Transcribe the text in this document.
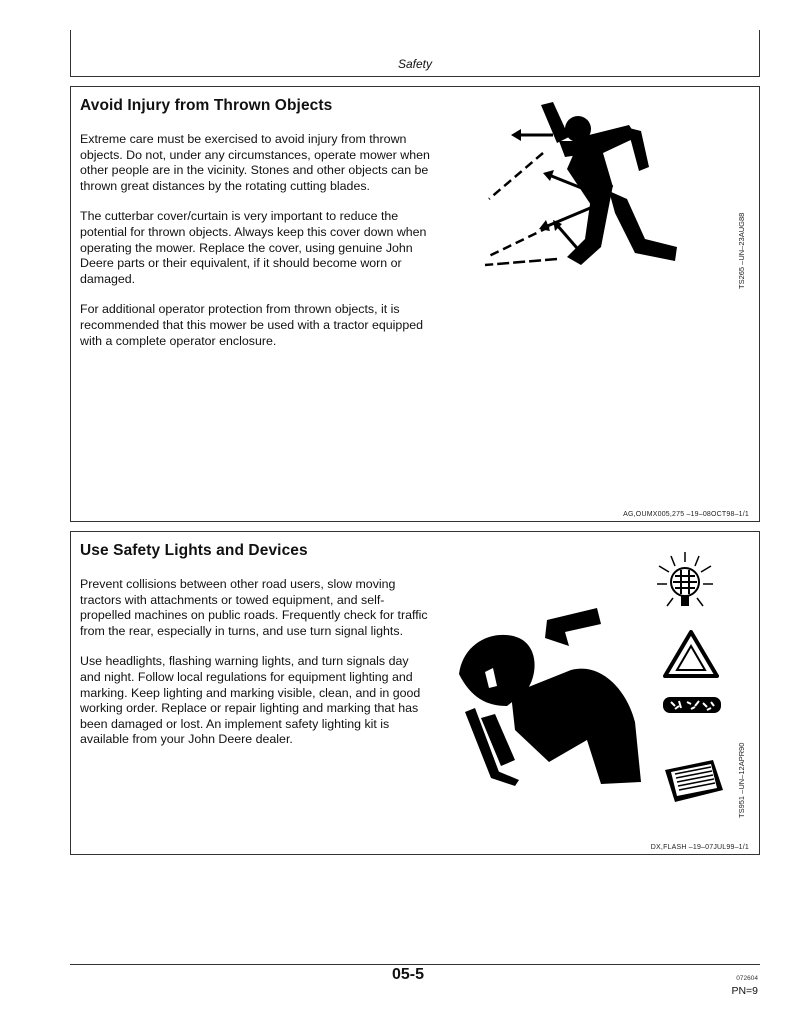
Safety
Avoid Injury from Thrown Objects

Extreme care must be exercised to avoid injury from thrown objects. Do not, under any circumstances, operate mower when other people are in the vicinity. Stones and other objects can be thrown great distances by the rotating cutting blades.

The cutterbar cover/curtain is very important to reduce the potential for thrown objects. Always keep this cover down when operating the mower. Replace the cover, using genuine John Deere parts or their equivalent, if it should become worn or damaged.

For additional operator protection from thrown objects, it is recommended that this mower be used with a tractor equipped with a complete operator enclosure.

TS265 –UN–23AUG88
AG,OUMX005,275 –19–08OCT98–1/1
Use Safety Lights and Devices

Prevent collisions between other road users, slow moving tractors with attachments or towed equipment, and self-propelled machines on public roads. Frequently check for traffic from the rear, especially in turns, and use turn signal lights.

Use headlights, flashing warning lights, and turn signals day and night. Follow local regulations for equipment lighting and marking. Keep lighting and marking visible, clean, and in good working order. Replace or repair lighting and marking that has been damaged or lost. An implement safety lighting kit is available from your John Deere dealer.

TS951 –UN–12APR90
DX,FLASH –19–07JUL99–1/1
05-5	072604
PN=9
